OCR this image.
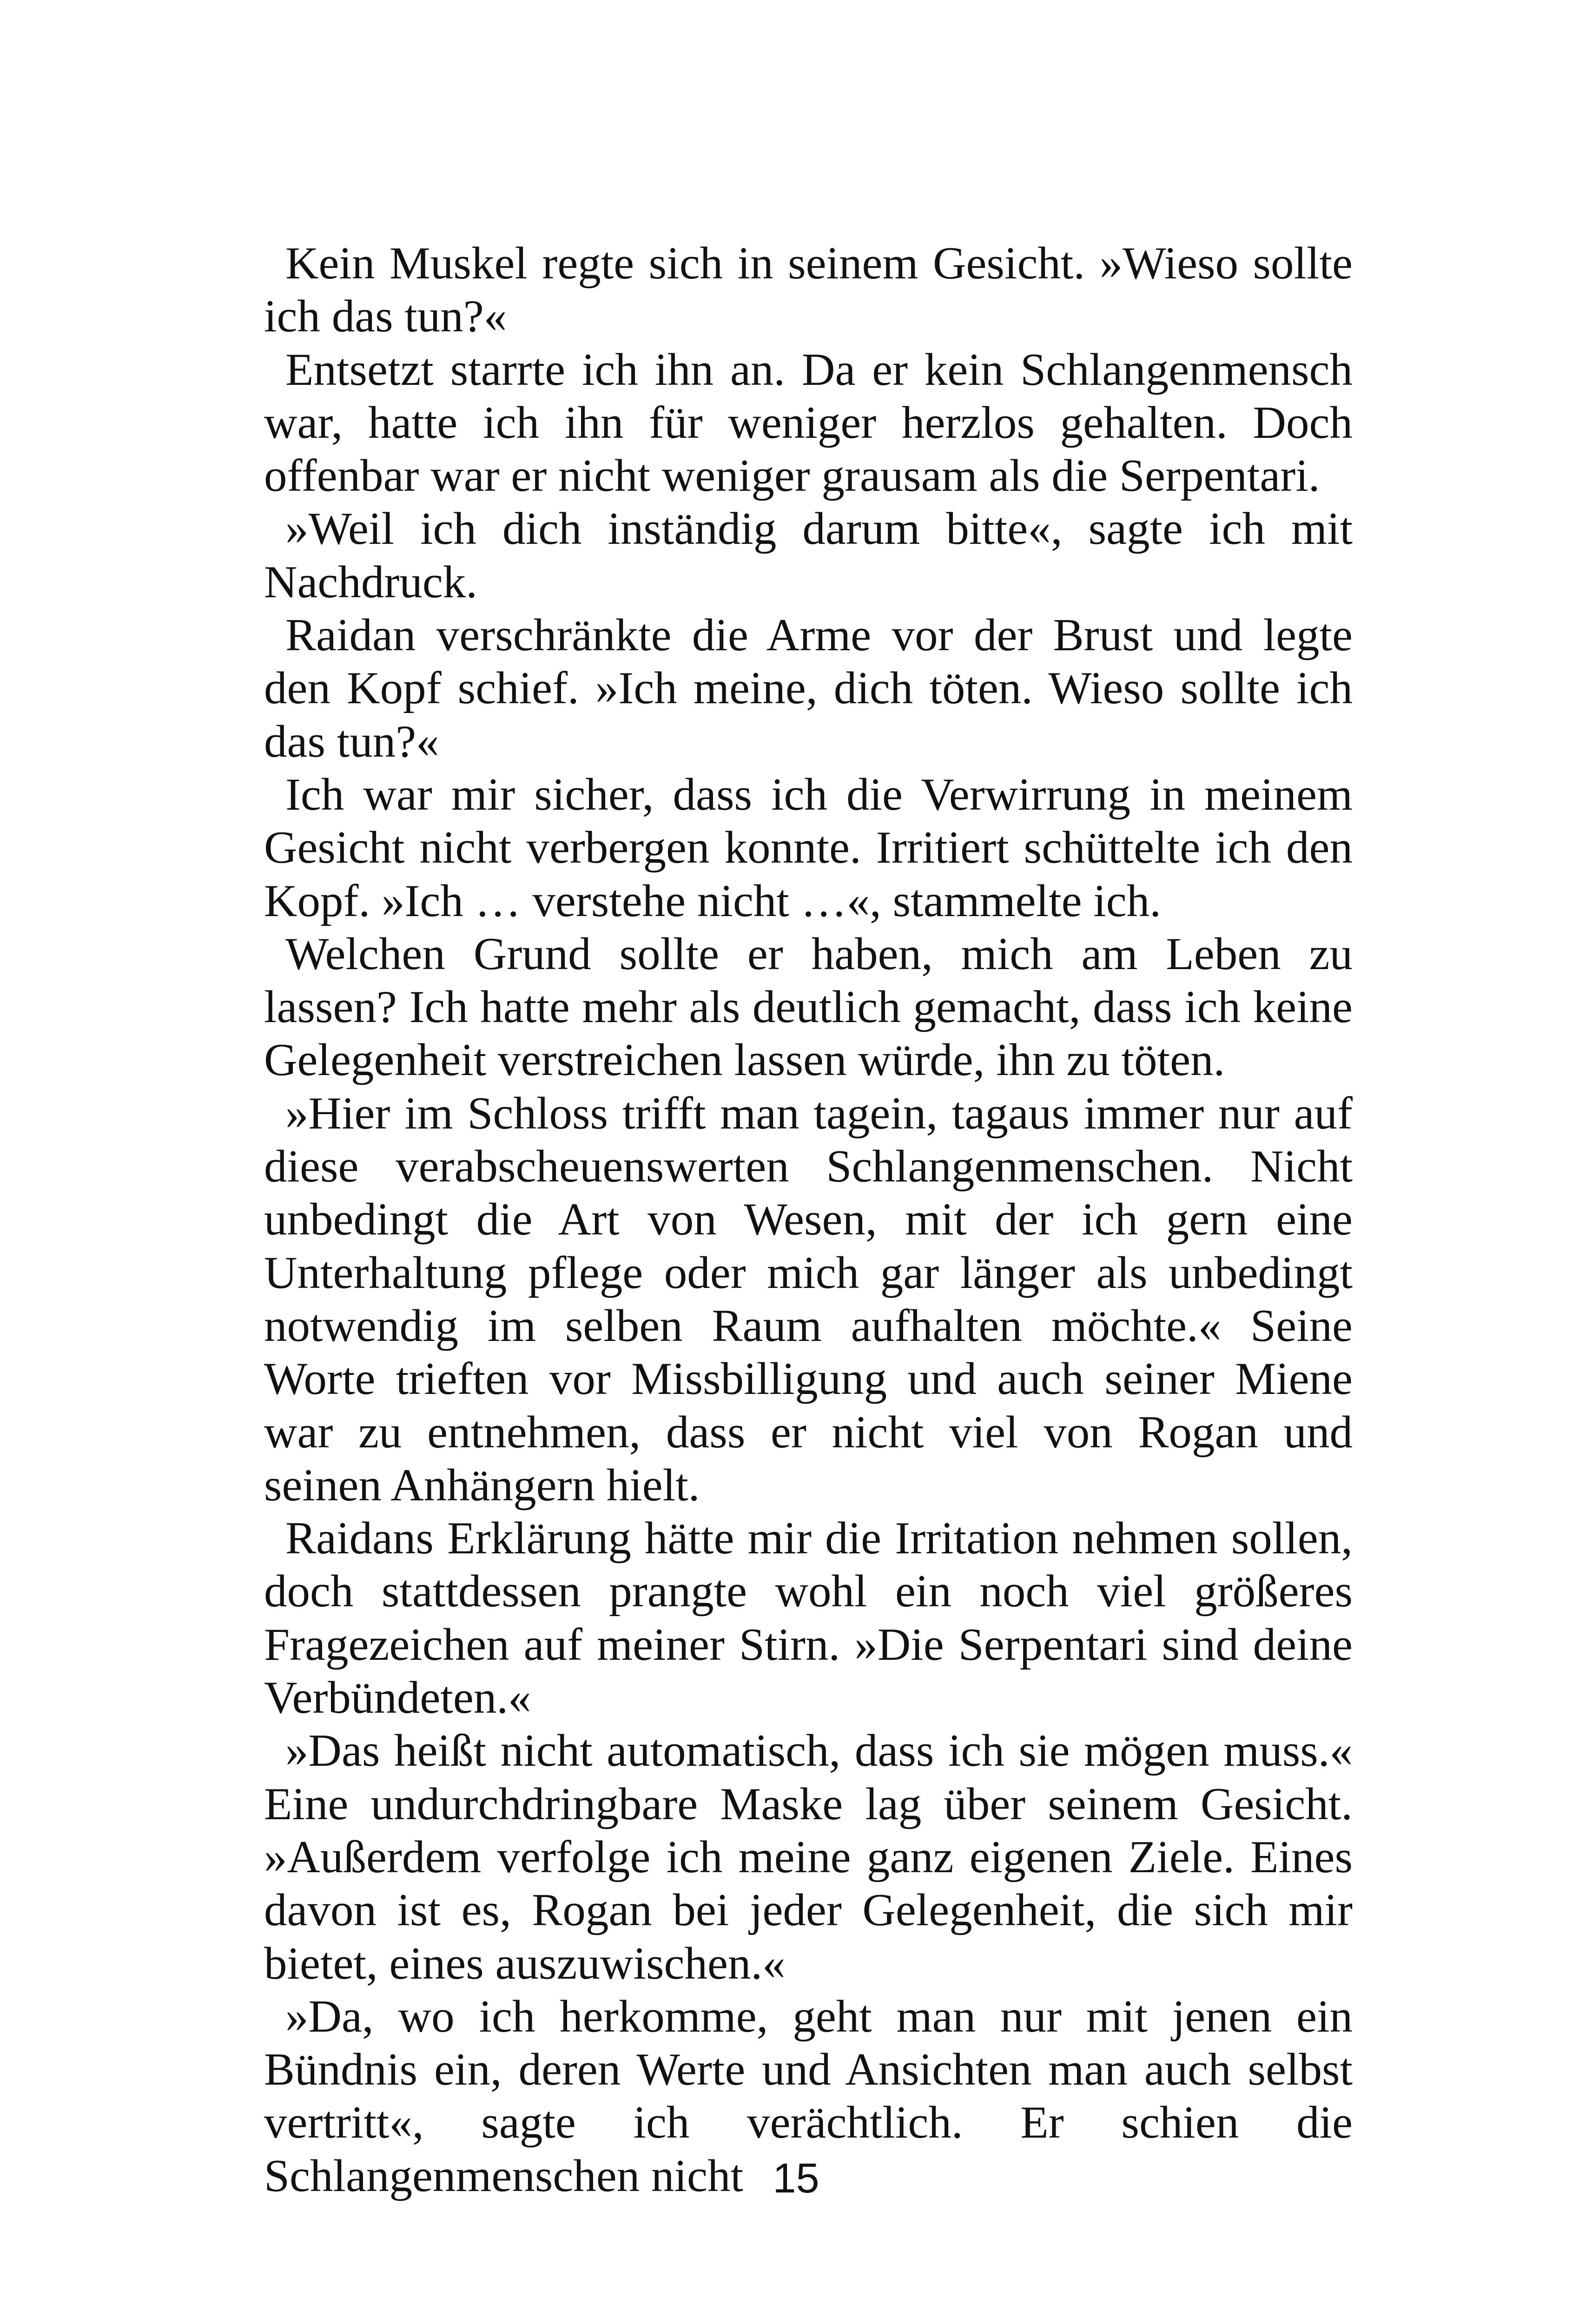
Kein Muskel regte sich in seinem Gesicht. »Wieso sollte ich das tun?«

Entsetzt starrte ich ihn an. Da er kein Schlangenmensch war, hatte ich ihn für weniger herzlos gehalten. Doch offenbar war er nicht weniger grausam als die Serpentari.

»Weil ich dich inständig darum bitte«, sagte ich mit Nachdruck.

Raidan verschränkte die Arme vor der Brust und legte den Kopf schief. »Ich meine, dich töten. Wieso sollte ich das tun?«

Ich war mir sicher, dass ich die Verwirrung in meinem Gesicht nicht verbergen konnte. Irritiert schüttelte ich den Kopf. »Ich … verstehe nicht …«, stammelte ich.

Welchen Grund sollte er haben, mich am Leben zu lassen? Ich hatte mehr als deutlich gemacht, dass ich keine Gelegenheit verstreichen lassen würde, ihn zu töten.

»Hier im Schloss trifft man tagein, tagaus immer nur auf diese verabscheuenswerten Schlangenmenschen. Nicht unbedingt die Art von Wesen, mit der ich gern eine Unterhaltung pflege oder mich gar länger als unbedingt notwendig im selben Raum aufhalten möchte.« Seine Worte trieften vor Missbilligung und auch seiner Miene war zu entnehmen, dass er nicht viel von Rogan und seinen Anhängern hielt.

Raidans Erklärung hätte mir die Irritation nehmen sollen, doch stattdessen prangte wohl ein noch viel größeres Fragezeichen auf meiner Stirn. »Die Serpentari sind deine Verbündeten.«

»Das heißt nicht automatisch, dass ich sie mögen muss.« Eine undurchdringbare Maske lag über seinem Gesicht. »Außerdem verfolge ich meine ganz eigenen Ziele. Eines davon ist es, Rogan bei jeder Gelegenheit, die sich mir bietet, eines auszuwischen.«

»Da, wo ich herkomme, geht man nur mit jenen ein Bündnis ein, deren Werte und Ansichten man auch selbst vertritt«, sagte ich verächtlich. Er schien die Schlangenmenschen nicht 15
